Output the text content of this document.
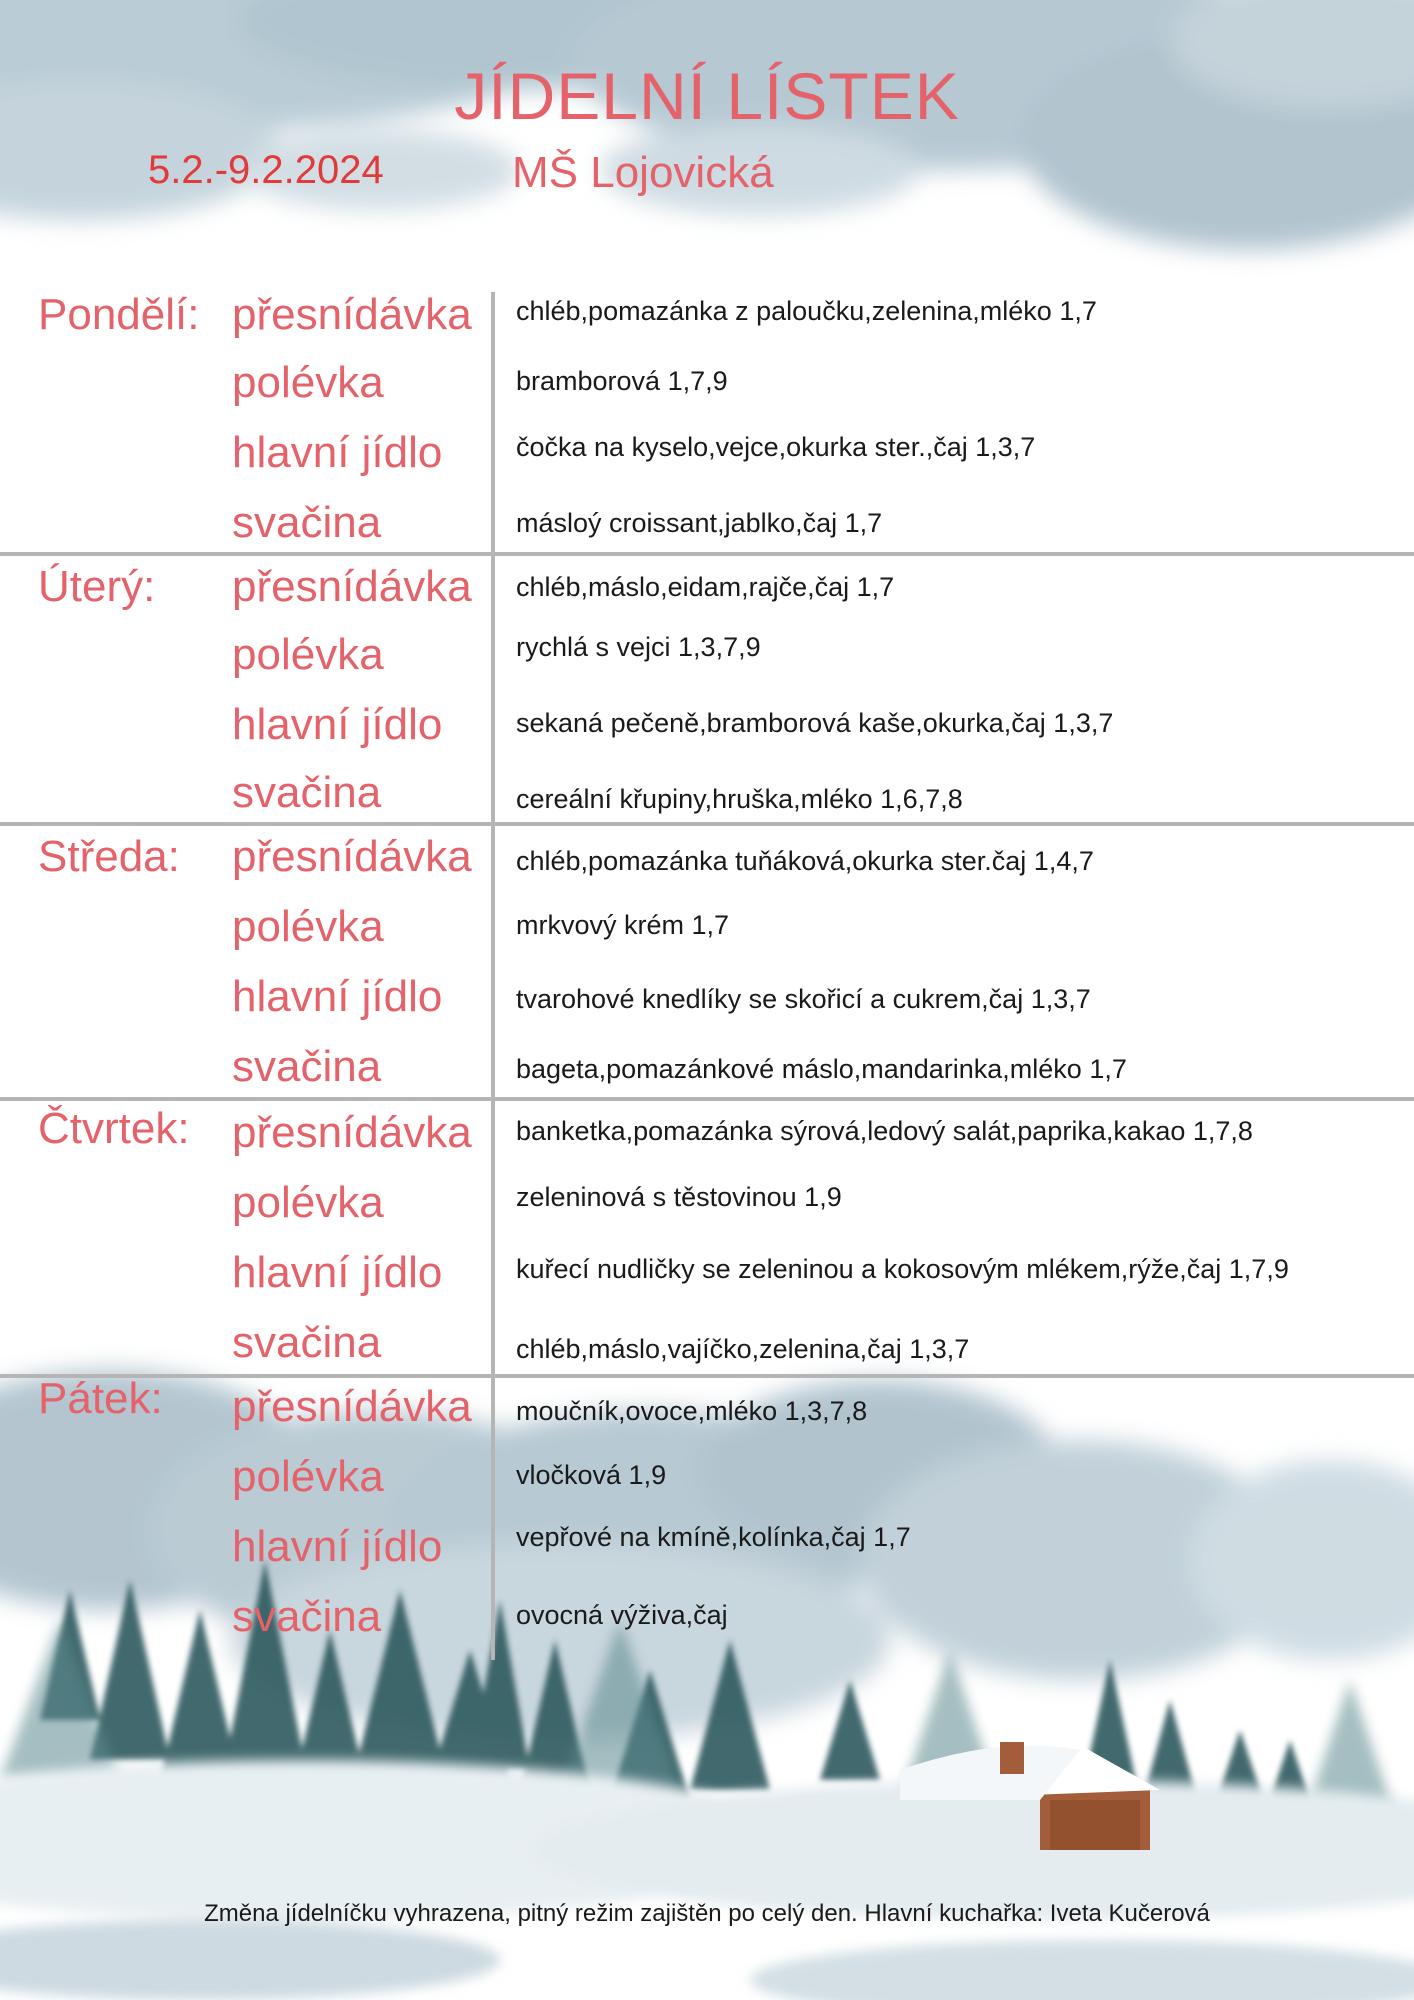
JÍDELNÍ LÍSTEK
5.2.-9.2.2024	MŠ Lojovická
Pondělí: přesnídávka chléb,pomazánka z paloučku,zelenina,mléko 1,7
polévka	bramborová 1,7,9
hlavní jídlo	čočka na kyselo,vejce,okurka ster.,čaj 1,3,7
svačina	másloý croissant,jablko,čaj 1,7
Úterý: přesnídávka chléb,máslo,eidam,rajče,čaj 1,7
polévka	rychlá s vejci 1,3,7,9
hlavní jídlo	sekaná pečeně,bramborová kaše,okurka,čaj 1,3,7
svačina	cereální křupiny,hruška,mléko 1,6,7,8
Středa: přesnídávka chléb,pomazánka tuňáková,okurka ster.čaj 1,4,7
polévka	mrkvový krém 1,7
hlavní jídlo	tvarohové knedlíky se skořicí a cukrem,čaj 1,3,7
svačina	bageta,pomazánkové máslo,mandarinka,mléko 1,7
Čtvrtek: přesnídávka banketka,pomazánka sýrová,ledový salát,paprika,kakao 1,7,8
polévka	zeleninová s těstovinou 1,9
hlavní jídlo	kuřecí nudličky se zeleninou a kokosovým mlékem,rýže,čaj 1,7,9
svačina	chléb,máslo,vajíčko,zelenina,čaj 1,3,7
Pátek: přesnídávka moučník,ovoce,mléko 1,3,7,8
polévka	vločková 1,9
hlavní jídlo	vepřové na kmíně,kolínka,čaj 1,7
svačina	ovocná výživa,čaj
Změna jídelníčku vyhrazena, pitný režim zajištěn po celý den. Hlavní kuchařka: Iveta Kučerová
